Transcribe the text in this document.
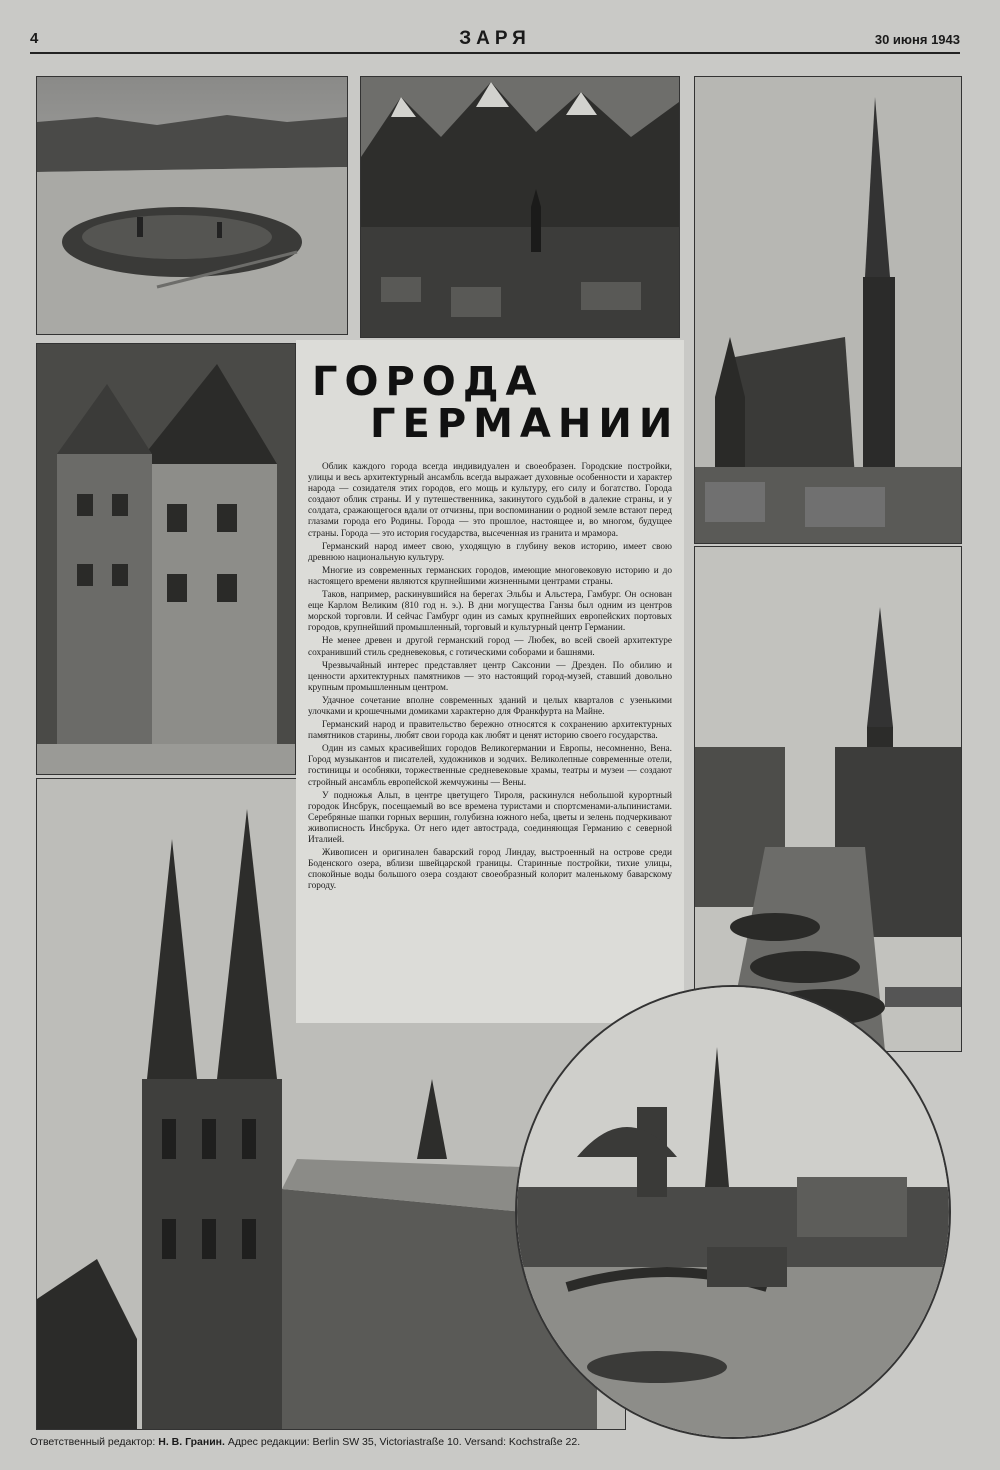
4	ЗАРЯ	30 июня 1943
ГОРОДА
ГЕРМАНИИ

Облик каждого города всегда индивидуален и своеобразен. Городские постройки, улицы и весь архитектурный ансамбль всегда выражает духовные особенности и характер народа — созидателя этих городов, его мощь и культуру, его силу и богатство. Города создают облик страны. И у путешественника, закинутого судьбой в далекие страны, и у солдата, сражающегося вдали от отчизны, при воспоминании о родной земле встают перед глазами города его Родины. Города — это прошлое, настоящее и, во многом, будущее страны. Города — это история государства, высеченная из гранита и мрамора.

Германский народ имеет свою, уходящую в глубину веков историю, имеет свою древнюю национальную культуру.

Многие из современных германских городов, имеющие многовековую историю и до настоящего времени являются крупнейшими жизненными центрами страны.

Таков, например, раскинувшийся на берегах Эльбы и Альстера, Гамбург. Он основан еще Карлом Великим (810 год н. э.). В дни могущества Ганзы был одним из центров морской торговли. И сейчас Гамбург один из самых крупнейших европейских портовых городов, крупнейший промышленный, торговый и культурный центр Германии.

Не менее древен и другой германский город — Любек, во всей своей архитектуре сохранивший стиль средневековья, с готическими соборами и башнями.

Чрезвычайный интерес представляет центр Саксонии — Дрезден. По обилию и ценности архитектурных памятников — это настоящий город-музей, ставший довольно крупным промышленным центром.

Удачное сочетание вполне современных зданий и целых кварталов с узенькими улочками и крошечными домиками характерно для Франкфурта на Майне.

Германский народ и правительство бережно относятся к сохранению архитектурных памятников старины, любят свои города как любят и ценят историю своего государства.

Один из самых красивейших городов Великогермании и Европы, несомненно, Вена. Город музыкантов и писателей, художников и зодчих. Великолепные современные отели, гостиницы и особняки, торжественные средневековые храмы, театры и музеи — создают стройный ансамбль европейской жемчужины — Вены.

У подножья Альп, в центре цветущего Тироля, раскинулся небольшой курортный городок Инсбрук, посещаемый во все времена туристами и спортсменами-альпинистами. Серебряные шапки горных вершин, голубизна южного неба, цветы и зелень подчеркивают живописность Инсбрука. От него идет автострада, соединяющая Германию с северной Италией.

Живописен и оригинален баварский город Линдау, выстроенный на острове среди Боденского озера, вблизи швейцарской границы. Старинные постройки, тихие улицы, спокойные воды большого озера создают своеобразный колорит маленькому баварскому городу.

Ответственный редактор: Н. В. Гранин. Адрес редакции: Berlin SW 35, Victoriastraße 10. Versand: Kochstraße 22.
